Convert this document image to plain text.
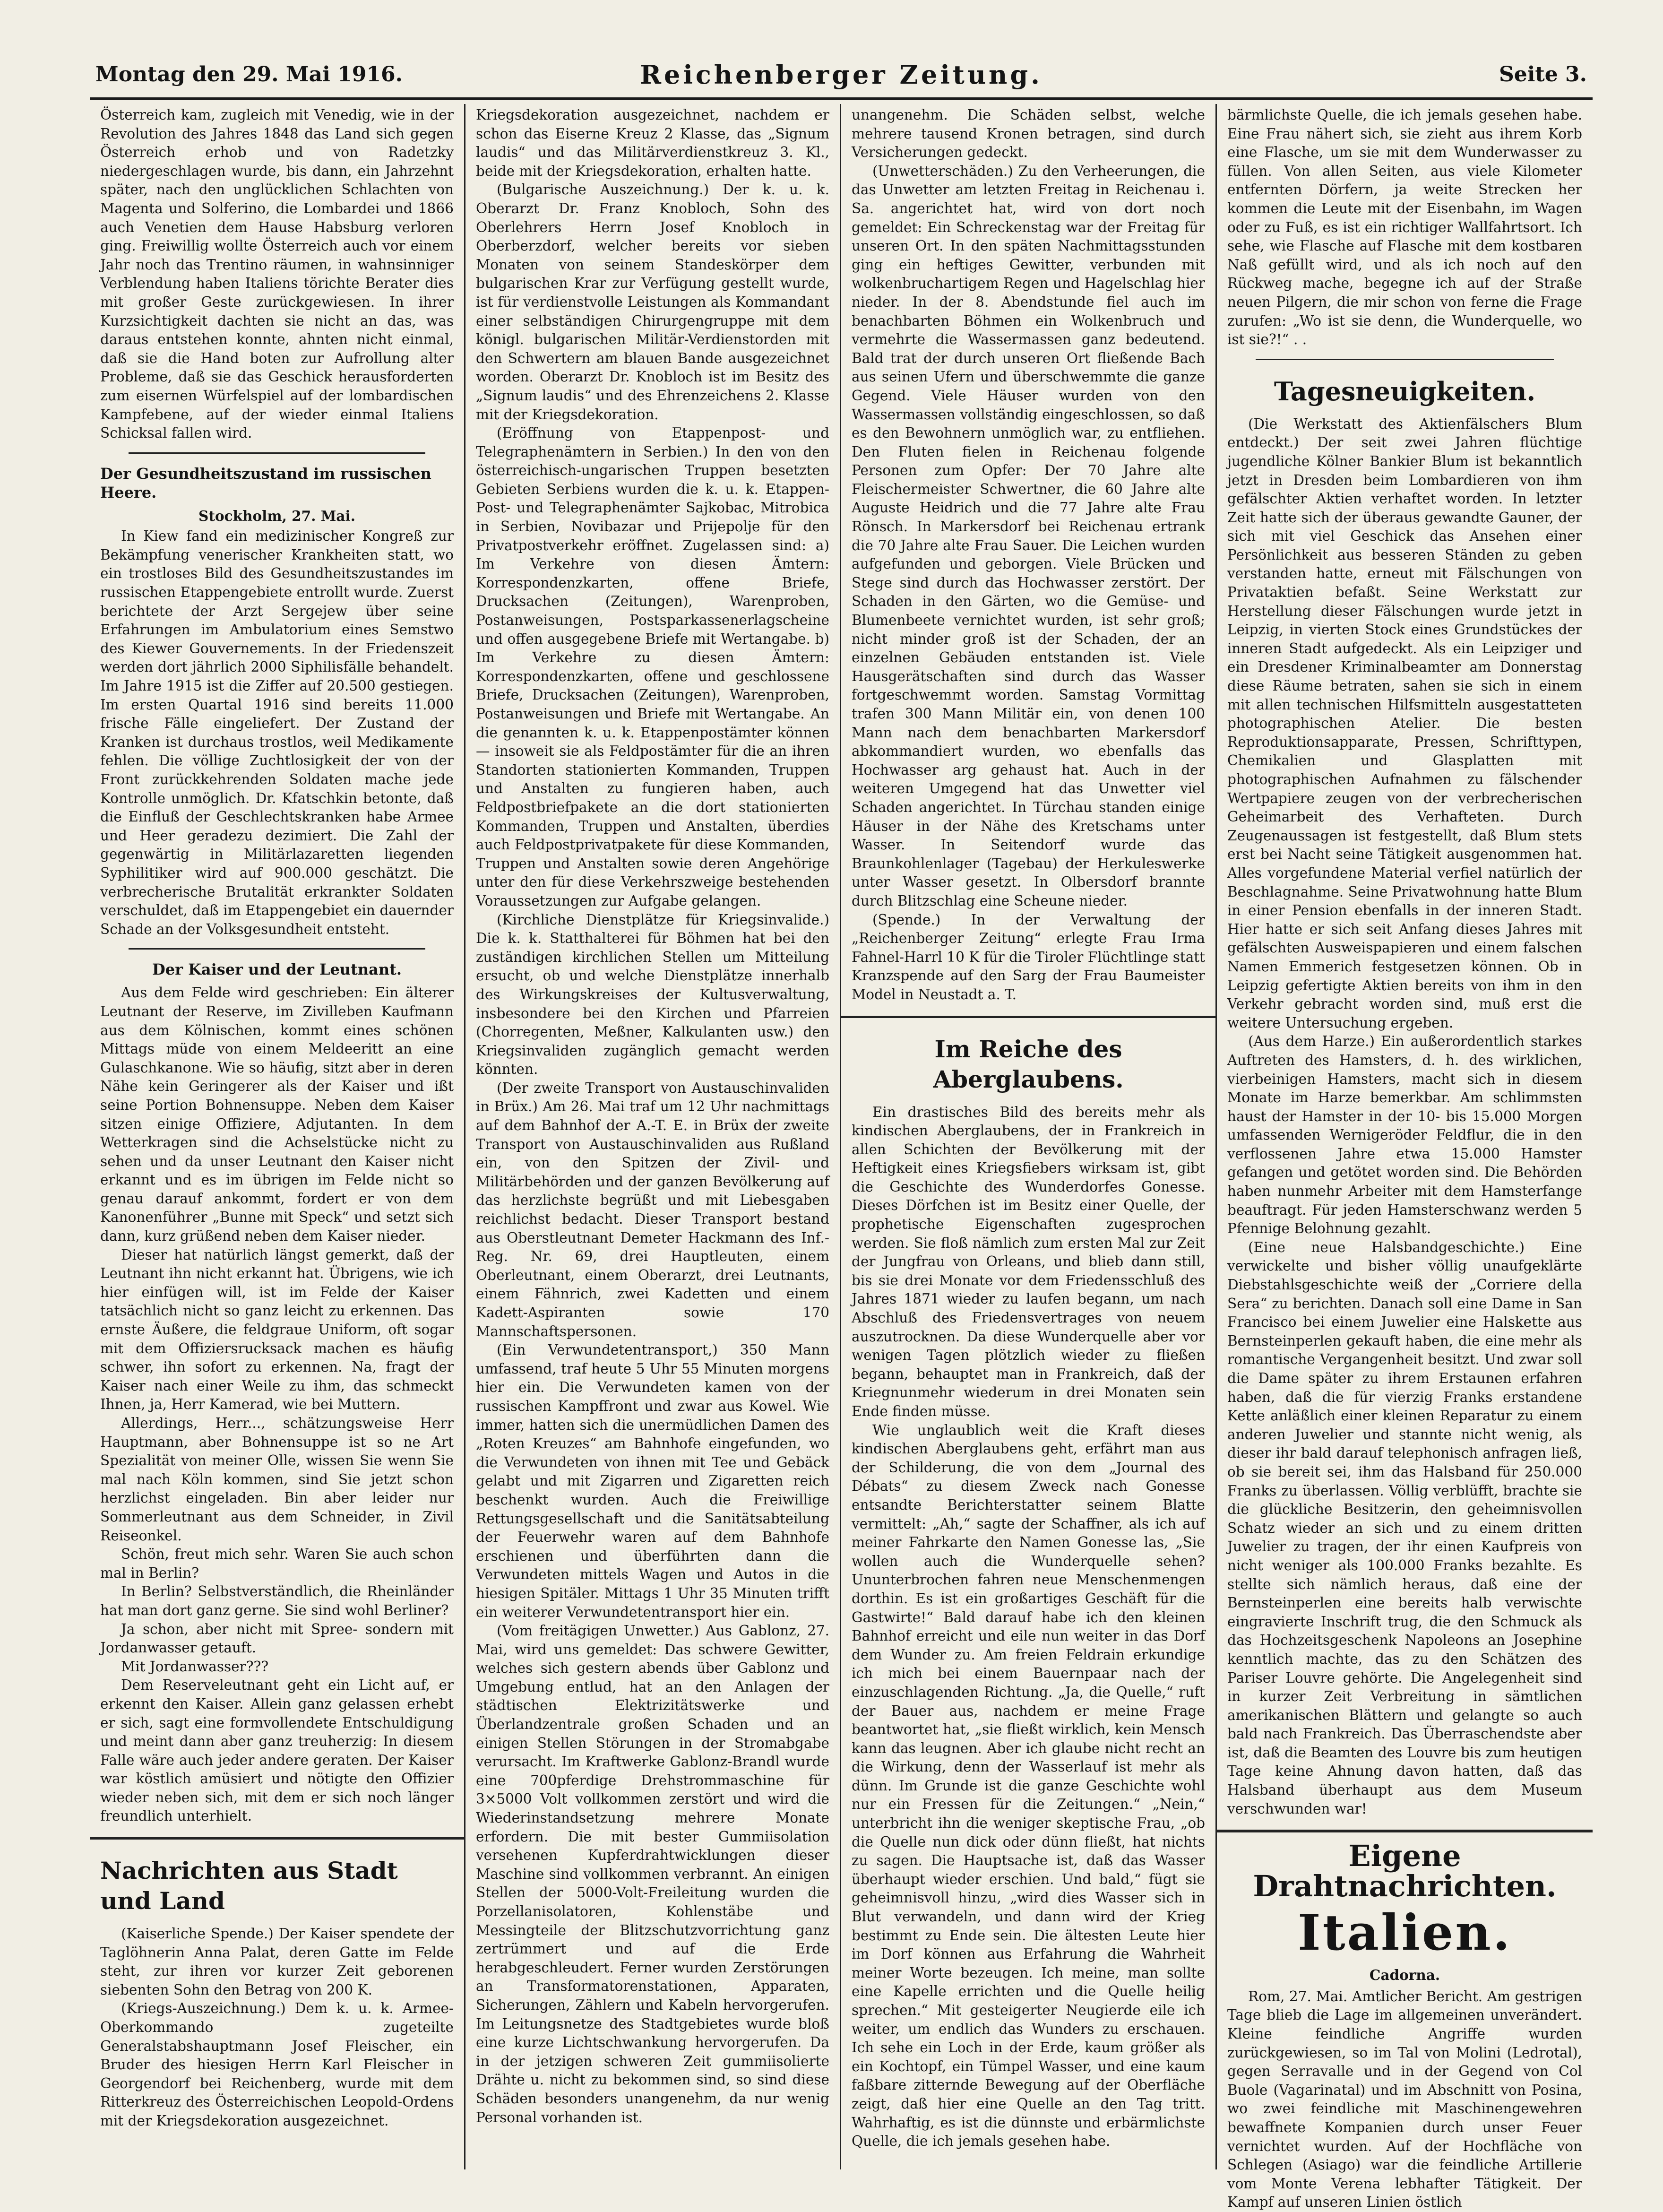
Montag den 29. Mai 1916.	Reichenberger Zeitung.	Seite 3.

Österreich kam, zugleich mit Venedig, wie in der Revolution des Jahres 1848 das Land sich gegen Österreich erhob und von Radetzky niedergeschlagen wurde, bis dann, ein Jahrzehnt später, nach den unglücklichen Schlachten von Magenta und Solferino, die Lombardei und 1866 auch Venetien dem Hause Habsburg verloren ging. Freiwillig wollte Österreich auch vor einem Jahr noch das Trentino räumen, in wahnsinniger Verblendung haben Italiens törichte Berater dies mit großer Geste zurückgewiesen. In ihrer Kurzsichtigkeit dachten sie nicht an das, was daraus entstehen konnte, ahnten nicht einmal, daß sie die Hand boten zur Aufrollung alter Probleme, daß sie das Geschick herausforderten zum eisernen Würfelspiel auf der lombardischen Kampfebene, auf der wieder einmal Italiens Schicksal fallen wird.

Der Gesundheitszustand im russischen Heere.

Stockholm, 27. Mai.

In Kiew fand ein medizinischer Kongreß zur Bekämpfung venerischer Krankheiten statt, wo ein trostloses Bild des Gesundheitszustandes im russischen Etappengebiete entrollt wurde. Zuerst berichtete der Arzt Sergejew über seine Erfahrungen im Ambulatorium eines Semstwo des Kiewer Gouvernements. In der Friedenszeit werden dort jährlich 2000 Siphilisfälle behandelt. Im Jahre 1915 ist die Ziffer auf 20.500 gestiegen. Im ersten Quartal 1916 sind bereits 11.000 frische Fälle eingeliefert. Der Zustand der Kranken ist durchaus trostlos, weil Medikamente fehlen. Die völlige Zuchtlosigkeit der von der Front zurückkehrenden Soldaten mache jede Kontrolle unmöglich. Dr. Kfatschkin betonte, daß die Einfluß der Geschlechtskranken habe Armee und Heer geradezu dezimiert. Die Zahl der gegenwärtig in Militärlazaretten liegenden Syphilitiker wird auf 900.000 geschätzt. Die verbrecherische Brutalität erkrankter Soldaten verschuldet, daß im Etappengebiet ein dauernder Schade an der Volksgesundheit entsteht.

Der Kaiser und der Leutnant.

Aus dem Felde wird geschrieben: Ein älterer Leutnant der Reserve, im Zivilleben Kaufmann aus dem Kölnischen, kommt eines schönen Mittags müde von einem Meldeeritt an eine Gulaschkanone. Wie so häufig, sitzt aber in deren Nähe kein Geringerer als der Kaiser und ißt seine Portion Bohnensuppe. Neben dem Kaiser sitzen einige Offiziere, Adjutanten. In dem Wetterkragen sind die Achselstücke nicht zu sehen und da unser Leutnant den Kaiser nicht erkannt und es im übrigen im Felde nicht so genau darauf ankommt, fordert er von dem Kanonenführer „Bunne mit Speck“ und setzt sich dann, kurz grüßend neben dem Kaiser nieder.

Dieser hat natürlich längst gemerkt, daß der Leutnant ihn nicht erkannt hat. Übrigens, wie ich hier einfügen will, ist im Felde der Kaiser tatsächlich nicht so ganz leicht zu erkennen. Das ernste Äußere, die feldgraue Uniform, oft sogar mit dem Offiziersrucksack machen es häufig schwer, ihn sofort zu erkennen. Na, fragt der Kaiser nach einer Weile zu ihm, das schmeckt Ihnen, ja, Herr Kamerad, wie bei Muttern.

Allerdings, Herr..., schätzungsweise Herr Hauptmann, aber Bohnensuppe ist so ne Art Spezialität von meiner Olle, wissen Sie wenn Sie mal nach Köln kommen, sind Sie jetzt schon herzlichst eingeladen. Bin aber leider nur Sommerleutnant aus dem Schneider, in Zivil Reiseonkel.

Schön, freut mich sehr. Waren Sie auch schon mal in Berlin?

In Berlin? Selbstverständlich, die Rheinländer hat man dort ganz gerne. Sie sind wohl Berliner?

Ja schon, aber nicht mit Spree- sondern mit Jordanwasser getauft.

Mit Jordanwasser???

Dem Reserveleutnant geht ein Licht auf, er erkennt den Kaiser. Allein ganz gelassen erhebt er sich, sagt eine formvollendete Entschuldigung und meint dann aber ganz treuherzig: In diesem Falle wäre auch jeder andere geraten. Der Kaiser war köstlich amüsiert und nötigte den Offizier wieder neben sich, mit dem er sich noch länger freundlich unterhielt.

Nachrichten aus Stadt und Land

(Kaiserliche Spende.) Der Kaiser spendete der Taglöhnerin Anna Palat, deren Gatte im Felde steht, zur ihren vor kurzer Zeit geborenen siebenten Sohn den Betrag von 200 K.

(Kriegs-Auszeichnung.) Dem k. u. k. Armee-Oberkommando zugeteilte Generalstabshauptmann Josef Fleischer, ein Bruder des hiesigen Herrn Karl Fleischer in Georgendorf bei Reichenberg, wurde mit dem Ritterkreuz des Österreichischen Leopold-Ordens mit der Kriegsdekoration ausgezeichnet.

Kriegsdekoration ausgezeichnet, nachdem er schon das Eiserne Kreuz 2 Klasse, das „Signum laudis“ und das Militärverdienstkreuz 3. Kl., beide mit der Kriegsdekoration, erhalten hatte.

(Bulgarische Auszeichnung.) Der k. u. k. Oberarzt Dr. Franz Knobloch, Sohn des Oberlehrers Herrn Josef Knobloch in Oberberzdorf, welcher bereits vor sieben Monaten von seinem Standeskörper dem bulgarischen Krar zur Verfügung gestellt wurde, ist für verdienstvolle Leistungen als Kommandant einer selbständigen Chirurgengruppe mit dem königl. bulgarischen Militär-Verdienstorden mit den Schwertern am blauen Bande ausgezeichnet worden. Oberarzt Dr. Knobloch ist im Besitz des „Signum laudis“ und des Ehrenzeichens 2. Klasse mit der Kriegsdekoration.

(Eröffnung von Etappenpost- und Telegraphenämtern in Serbien.) In den von den österreichisch-ungarischen Truppen besetzten Gebieten Serbiens wurden die k. u. k. Etappen-Post- und Telegraphenämter Sajkobac, Mitrobica in Serbien, Novibazar und Prijepolje für den Privatpostverkehr eröffnet. Zugelassen sind: a) Im Verkehre von diesen Ämtern: Korrespondenzkarten, offene Briefe, Drucksachen (Zeitungen), Warenproben, Postanweisungen, Postsparkassenerlagscheine und offen ausgegebene Briefe mit Wertangabe. b) Im Verkehre zu diesen Ämtern: Korrespondenzkarten, offene und geschlossene Briefe, Drucksachen (Zeitungen), Warenproben, Postanweisungen und Briefe mit Wertangabe. An die genannten k. u. k. Etappenpostämter können — insoweit sie als Feldpostämter für die an ihren Standorten stationierten Kommanden, Truppen und Anstalten zu fungieren haben, auch Feldpostbriefpakete an die dort stationierten Kommanden, Truppen und Anstalten, überdies auch Feldpostprivatpakete für diese Kommanden, Truppen und Anstalten sowie deren Angehörige unter den für diese Verkehrszweige bestehenden Voraussetzungen zur Aufgabe gelangen.

(Kirchliche Dienstplätze für Kriegsinvalide.) Die k. k. Statthalterei für Böhmen hat bei den zuständigen kirchlichen Stellen um Mitteilung ersucht, ob und welche Dienstplätze innerhalb des Wirkungskreises der Kultusverwaltung, insbesondere bei den Kirchen und Pfarreien (Chorregenten, Meßner, Kalkulanten usw.) den Kriegsinvaliden zugänglich gemacht werden könnten.

(Der zweite Transport von Austauschinvaliden in Brüx.) Am 26. Mai traf um 12 Uhr nachmittags auf dem Bahnhof der A.-T. E. in Brüx der zweite Transport von Austauschinvaliden aus Rußland ein, von den Spitzen der Zivil- und Militärbehörden und der ganzen Bevölkerung auf das herzlichste begrüßt und mit Liebesgaben reichlichst bedacht. Dieser Transport bestand aus Oberstleutnant Demeter Hackmann des Inf.-Reg. Nr. 69, drei Hauptleuten, einem Oberleutnant, einem Oberarzt, drei Leutnants, einem Fähnrich, zwei Kadetten und einem Kadett-Aspiranten sowie 170 Mannschaftspersonen.

(Ein Verwundetentransport,) 350 Mann umfassend, traf heute 5 Uhr 55 Minuten morgens hier ein. Die Verwundeten kamen von der russischen Kampffront und zwar aus Kowel. Wie immer, hatten sich die unermüdlichen Damen des „Roten Kreuzes“ am Bahnhofe eingefunden, wo die Verwundeten von ihnen mit Tee und Gebäck gelabt und mit Zigarren und Zigaretten reich beschenkt wurden. Auch die Freiwillige Rettungsgesellschaft und die Sanitätsabteilung der Feuerwehr waren auf dem Bahnhofe erschienen und überführten dann die Verwundeten mittels Wagen und Autos in die hiesigen Spitäler. Mittags 1 Uhr 35 Minuten trifft ein weiterer Verwundetentransport hier ein.

(Vom freitägigen Unwetter.) Aus Gablonz, 27. Mai, wird uns gemeldet: Das schwere Gewitter, welches sich gestern abends über Gablonz und Umgebung entlud, hat an den Anlagen der städtischen Elektrizitätswerke und Überlandzentrale großen Schaden und an einigen Stellen Störungen in der Stromabgabe verursacht. Im Kraftwerke Gablonz-Brandl wurde eine 700pferdige Drehstrommaschine für 3×5000 Volt vollkommen zerstört und wird die Wiederinstandsetzung mehrere Monate erfordern. Die mit bester Gummiisolation versehenen Kupferdrahtwicklungen dieser Maschine sind vollkommen verbrannt. An einigen Stellen der 5000-Volt-Freileitung wurden die Porzellanisolatoren, Kohlenstäbe und Messingteile der Blitzschutzvorrichtung ganz zertrümmert und auf die Erde herabgeschleudert. Ferner wurden Zerstörungen an Transformatorenstationen, Apparaten, Sicherungen, Zählern und Kabeln hervorgerufen. Im Leitungsnetze des Stadtgebietes wurde bloß eine kurze Lichtschwankung hervorgerufen. Da in der jetzigen schweren Zeit gummiisolierte Drähte u. nicht zu bekommen sind, so sind diese Schäden besonders unangenehm, da nur wenig Personal vorhanden ist.

unangenehm. Die Schäden selbst, welche mehrere tausend Kronen betragen, sind durch Versicherungen gedeckt.

(Unwetterschäden.) Zu den Verheerungen, die das Unwetter am letzten Freitag in Reichenau i. Sa. angerichtet hat, wird von dort noch gemeldet: Ein Schreckenstag war der Freitag für unseren Ort. In den späten Nachmittagsstunden ging ein heftiges Gewitter, verbunden mit wolkenbruchartigem Regen und Hagelschlag hier nieder. In der 8. Abendstunde fiel auch im benachbarten Böhmen ein Wolkenbruch und vermehrte die Wassermassen ganz bedeutend. Bald trat der durch unseren Ort fließende Bach aus seinen Ufern und überschwemmte die ganze Gegend. Viele Häuser wurden von den Wassermassen vollständig eingeschlossen, so daß es den Bewohnern unmöglich war, zu entfliehen. Den Fluten fielen in Reichenau folgende Personen zum Opfer: Der 70 Jahre alte Fleischermeister Schwertner, die 60 Jahre alte Auguste Heidrich und die 77 Jahre alte Frau Rönsch. In Markersdorf bei Reichenau ertrank die 70 Jahre alte Frau Sauer. Die Leichen wurden aufgefunden und geborgen. Viele Brücken und Stege sind durch das Hochwasser zerstört. Der Schaden in den Gärten, wo die Gemüse- und Blumenbeete vernichtet wurden, ist sehr groß; nicht minder groß ist der Schaden, der an einzelnen Gebäuden entstanden ist. Viele Hausgerätschaften sind durch das Wasser fortgeschwemmt worden. Samstag Vormittag trafen 300 Mann Militär ein, von denen 100 Mann nach dem benachbarten Markersdorf abkommandiert wurden, wo ebenfalls das Hochwasser arg gehaust hat. Auch in der weiteren Umgegend hat das Unwetter viel Schaden angerichtet. In Türchau standen einige Häuser in der Nähe des Kretschams unter Wasser. In Seitendorf wurde das Braunkohlenlager (Tagebau) der Herkuleswerke unter Wasser gesetzt. In Olbersdorf brannte durch Blitzschlag eine Scheune nieder.

(Spende.) In der Verwaltung der „Reichenberger Zeitung“ erlegte Frau Irma Fahnel-Harrl 10 K für die Tiroler Flüchtlinge statt Kranzspende auf den Sarg der Frau Baumeister Model in Neustadt a. T.

Im Reiche des Aberglaubens.

Ein drastisches Bild des bereits mehr als kindischen Aberglaubens, der in Frankreich in allen Schichten der Bevölkerung mit der Heftigkeit eines Kriegsfiebers wirksam ist, gibt die Geschichte des Wunderdorfes Gonesse. Dieses Dörfchen ist im Besitz einer Quelle, der prophetische Eigenschaften zugesprochen werden. Sie floß nämlich zum ersten Mal zur Zeit der Jungfrau von Orleans, und blieb dann still, bis sie drei Monate vor dem Friedensschluß des Jahres 1871 wieder zu laufen begann, um nach Abschluß des Friedensvertrages von neuem auszutrocknen. Da diese Wunderquelle aber vor wenigen Tagen plötzlich wieder zu fließen begann, behauptet man in Frankreich, daß der Kriegnunmehr wiederum in drei Monaten sein Ende finden müsse.

Wie unglaublich weit die Kraft dieses kindischen Aberglaubens geht, erfährt man aus der Schilderung, die von dem „Journal des Débats“ zu diesem Zweck nach Gonesse entsandte Berichterstatter seinem Blatte vermittelt: „Ah,“ sagte der Schaffner, als ich auf meiner Fahrkarte den Namen Gonesse las, „Sie wollen auch die Wunderquelle sehen? Ununterbrochen fahren neue Menschenmengen dorthin. Es ist ein großartiges Geschäft für die Gastwirte!“ Bald darauf habe ich den kleinen Bahnhof erreicht und eile nun weiter in das Dorf dem Wunder zu. Am freien Feldrain erkundige ich mich bei einem Bauernpaar nach der einzuschlagenden Richtung. „Ja, die Quelle,“ ruft der Bauer aus, nachdem er meine Frage beantwortet hat, „sie fließt wirklich, kein Mensch kann das leugnen. Aber ich glaube nicht recht an die Wirkung, denn der Wasserlauf ist mehr als dünn. Im Grunde ist die ganze Geschichte wohl nur ein Fressen für die Zeitungen.“ „Nein,“ unterbricht ihn die weniger skeptische Frau, „ob die Quelle nun dick oder dünn fließt, hat nichts zu sagen. Die Hauptsache ist, daß das Wasser überhaupt wieder erschien. Und bald,“ fügt sie geheimnisvoll hinzu, „wird dies Wasser sich in Blut verwandeln, und dann wird der Krieg bestimmt zu Ende sein. Die ältesten Leute hier im Dorf können aus Erfahrung die Wahrheit meiner Worte bezeugen. Ich meine, man sollte eine Kapelle errichten und die Quelle heilig sprechen.“ Mit gesteigerter Neugierde eile ich weiter, um endlich das Wunders zu erschauen. Ich sehe ein Loch in der Erde, kaum größer als ein Kochtopf, ein Tümpel Wasser, und eine kaum faßbare zitternde Bewegung auf der Oberfläche zeigt, daß hier eine Quelle an den Tag tritt. Wahrhaftig, es ist die dünnste und erbärmlichste Quelle, die ich jemals gesehen habe.

bärmlichste Quelle, die ich jemals gesehen habe. Eine Frau nähert sich, sie zieht aus ihrem Korb eine Flasche, um sie mit dem Wunderwasser zu füllen. Von allen Seiten, aus viele Kilometer entfernten Dörfern, ja weite Strecken her kommen die Leute mit der Eisenbahn, im Wagen oder zu Fuß, es ist ein richtiger Wallfahrtsort. Ich sehe, wie Flasche auf Flasche mit dem kostbaren Naß gefüllt wird, und als ich noch auf den Rückweg mache, begegne ich auf der Straße neuen Pilgern, die mir schon von ferne die Frage zurufen: „Wo ist sie denn, die Wunderquelle, wo ist sie?!“ . .

Tagesneuigkeiten.

(Die Werkstatt des Aktienfälschers Blum entdeckt.) Der seit zwei Jahren flüchtige jugendliche Kölner Bankier Blum ist bekanntlich jetzt in Dresden beim Lombardieren von ihm gefälschter Aktien verhaftet worden. In letzter Zeit hatte sich der überaus gewandte Gauner, der sich mit viel Geschick das Ansehen einer Persönlichkeit aus besseren Ständen zu geben verstanden hatte, erneut mit Fälschungen von Privataktien befaßt. Seine Werkstatt zur Herstellung dieser Fälschungen wurde jetzt in Leipzig, in vierten Stock eines Grundstückes der inneren Stadt aufgedeckt. Als ein Leipziger und ein Dresdener Kriminalbeamter am Donnerstag diese Räume betraten, sahen sie sich in einem mit allen technischen Hilfsmitteln ausgestatteten photographischen Atelier. Die besten Reproduktionsapparate, Pressen, Schrifttypen, Chemikalien und Glasplatten mit photographischen Aufnahmen zu fälschender Wertpapiere zeugen von der verbrecherischen Geheimarbeit des Verhafteten. Durch Zeugenaussagen ist festgestellt, daß Blum stets erst bei Nacht seine Tätigkeit ausgenommen hat. Alles vorgefundene Material verfiel natürlich der Beschlagnahme. Seine Privatwohnung hatte Blum in einer Pension ebenfalls in der inneren Stadt. Hier hatte er sich seit Anfang dieses Jahres mit gefälschten Ausweispapieren und einem falschen Namen Emmerich festgesetzen können. Ob in Leipzig gefertigte Aktien bereits von ihm in den Verkehr gebracht worden sind, muß erst die weitere Untersuchung ergeben.

(Aus dem Harze.) Ein außerordentlich starkes Auftreten des Hamsters, d. h. des wirklichen, vierbeinigen Hamsters, macht sich in diesem Monate im Harze bemerkbar. Am schlimmsten haust der Hamster in der 10- bis 15.000 Morgen umfassenden Wernigeröder Feldflur, die in den verflossenen Jahre etwa 15.000 Hamster gefangen und getötet worden sind. Die Behörden haben nunmehr Arbeiter mit dem Hamsterfange beauftragt. Für jeden Hamsterschwanz werden 5 Pfennige Belohnung gezahlt.

(Eine neue Halsbandgeschichte.) Eine verwickelte und bisher völlig unaufgeklärte Diebstahlsgeschichte weiß der „Corriere della Sera“ zu berichten. Danach soll eine Dame in San Francisco bei einem Juwelier eine Halskette aus Bernsteinperlen gekauft haben, die eine mehr als romantische Vergangenheit besitzt. Und zwar soll die Dame später zu ihrem Erstaunen erfahren haben, daß die für vierzig Franks erstandene Kette anläßlich einer kleinen Reparatur zu einem anderen Juwelier und stannte nicht wenig, als dieser ihr bald darauf telephonisch anfragen ließ, ob sie bereit sei, ihm das Halsband für 250.000 Franks zu überlassen. Völlig verblüfft, brachte sie die glückliche Besitzerin, den geheimnisvollen Schatz wieder an sich und zu einem dritten Juwelier zu tragen, der ihr einen Kaufpreis von nicht weniger als 100.000 Franks bezahlte. Es stellte sich nämlich heraus, daß eine der Bernsteinperlen eine bereits halb verwischte eingravierte Inschrift trug, die den Schmuck als das Hochzeitsgeschenk Napoleons an Josephine kenntlich machte, das zu den Schätzen des Pariser Louvre gehörte. Die Angelegenheit sind in kurzer Zeit Verbreitung in sämtlichen amerikanischen Blättern und gelangte so auch bald nach Frankreich. Das Überraschendste aber ist, daß die Beamten des Louvre bis zum heutigen Tage keine Ahnung davon hatten, daß das Halsband überhaupt aus dem Museum verschwunden war!

Eigene Drahtnachrichten.
Italien.

Cadorna.

Rom, 27. Mai. Amtlicher Bericht. Am gestrigen Tage blieb die Lage im allgemeinen unverändert. Kleine feindliche Angriffe wurden zurückgewiesen, so im Tal von Molini (Ledrotal), gegen Serravalle und in der Gegend von Col Buole (Vagarinatal) und im Abschnitt von Posina, wo zwei feindliche mit Maschinengewehren bewaffnete Kompanien durch unser Feuer vernichtet wurden. Auf der Hochfläche von Schlegen (Asiago) war die feindliche Artillerie vom Monte Verena lebhafter Tätigkeit. Der Kampf auf unseren Linien östlich
